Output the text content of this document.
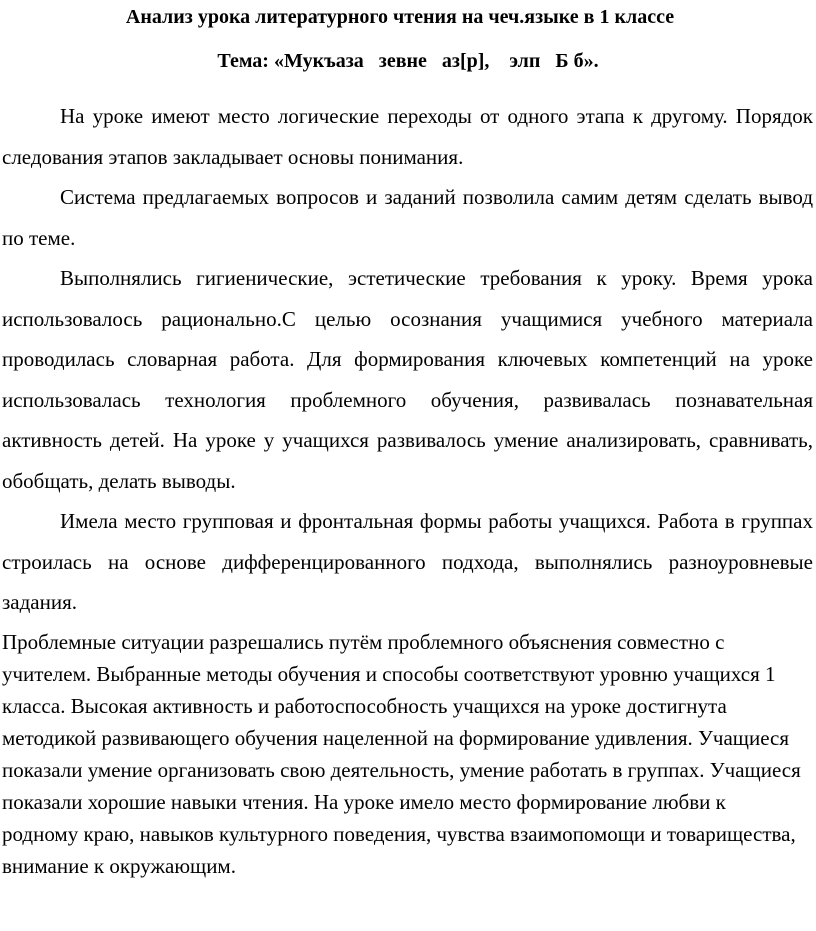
Анализ урока литературного чтения на чеч.языке в 1 классе
Тема: «Мукъаза   зевне   аз[р],    элп   Б б».

На уроке имеют место логические переходы от одного этапа к другому. Порядок следования этапов закладывает основы понимания.

Система предлагаемых вопросов и заданий позволила самим детям сделать вывод по теме.

Выполнялись гигиенические, эстетические требования к уроку. Время урока использовалось рационально.С целью осознания учащимися учебного материала проводилась словарная работа. Для формирования ключевых компетенций на уроке использовалась технология проблемного обучения, развивалась познавательная активность детей. На уроке у учащихся развивалось умение анализировать, сравнивать, обобщать, делать выводы.

Имела место групповая и фронтальная формы работы учащихся. Работа в группах строилась на основе дифференцированного подхода, выполнялись разноуровневые задания.

Проблемные ситуации разрешались путём проблемного объяснения совместно с учителем. Выбранные методы обучения и способы соответствуют уровню учащихся 1 класса. Высокая активность и работоспособность учащихся на уроке достигнута методикой развивающего обучения нацеленной на формирование удивления. Учащиеся показали умение организовать свою деятельность, умение работать в группах. Учащиеся показали хорошие навыки чтения. На уроке имело место формирование любви к родному краю, навыков культурного поведения, чувства взаимопомощи и товарищества, внимание к окружающим.
